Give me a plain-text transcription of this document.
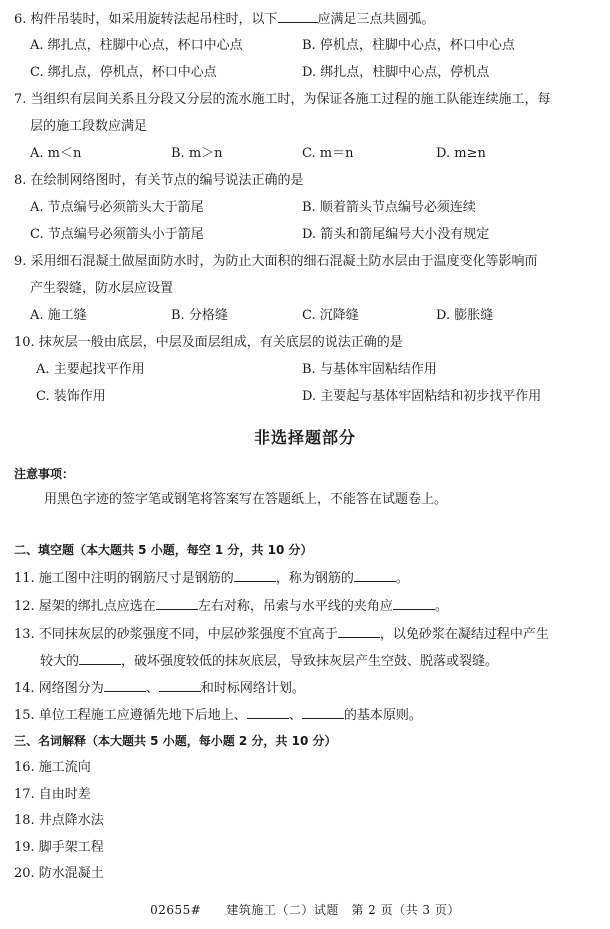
6. 构件吊装时，如采用旋转法起吊柱时，以下	应满足三点共圆弧。
A. 绑扎点，柱脚中心点，杯口中心点	B. 停机点，柱脚中心点，杯口中心点
C. 绑扎点，停机点，杯口中心点	D. 绑扎点，柱脚中心点，停机点
7. 当组织有层间关系且分段又分层的流水施工时，为保证各施工过程的施工队能连续施工，每
层的施工段数应满足
A. m＜n	B. m＞n	C. m＝n	D. m≥n
8. 在绘制网络图时，有关节点的编号说法正确的是
A. 节点编号必须箭头大于箭尾	B. 顺着箭头节点编号必须连续
C. 节点编号必须箭头小于箭尾	D. 箭头和箭尾编号大小没有规定
9. 采用细石混凝土做屋面防水时，为防止大面积的细石混凝土防水层由于温度变化等影响而
产生裂缝，防水层应设置
A. 施工缝	B. 分格缝	C. 沉降缝	D. 膨胀缝
10. 抹灰层一般由底层，中层及面层组成，有关底层的说法正确的是
A. 主要起找平作用	B. 与基体牢固粘结作用
C. 装饰作用	D. 主要起与基体牢固粘结和初步找平作用
非选择题部分
注意事项：
用黑色字迹的签字笔或钢笔将答案写在答题纸上，不能答在试题卷上。
二、填空题（本大题共 5 小题，每空 1 分，共 10 分）
11. 施工图中注明的钢筋尺寸是钢筋的	，称为钢筋的	。
12. 屋架的绑扎点应选在	左右对称，吊索与水平线的夹角应	。
13. 不同抹灰层的砂浆强度不同，中层砂浆强度不宜高于	，以免砂浆在凝结过程中产生
较大的	，破坏强度较低的抹灰底层，导致抹灰层产生空鼓、脱落或裂缝。
14. 网络图分为	、	和时标网络计划。
15. 单位工程施工应遵循先地下后地上、	、	的基本原则。
三、名词解释（本大题共 5 小题，每小题 2 分，共 10 分）
16. 施工流向
17. 自由时差
18. 井点降水法
19. 脚手架工程
20. 防水混凝土
02655#　　建筑施工（二）试题　第 2 页（共 3 页）
